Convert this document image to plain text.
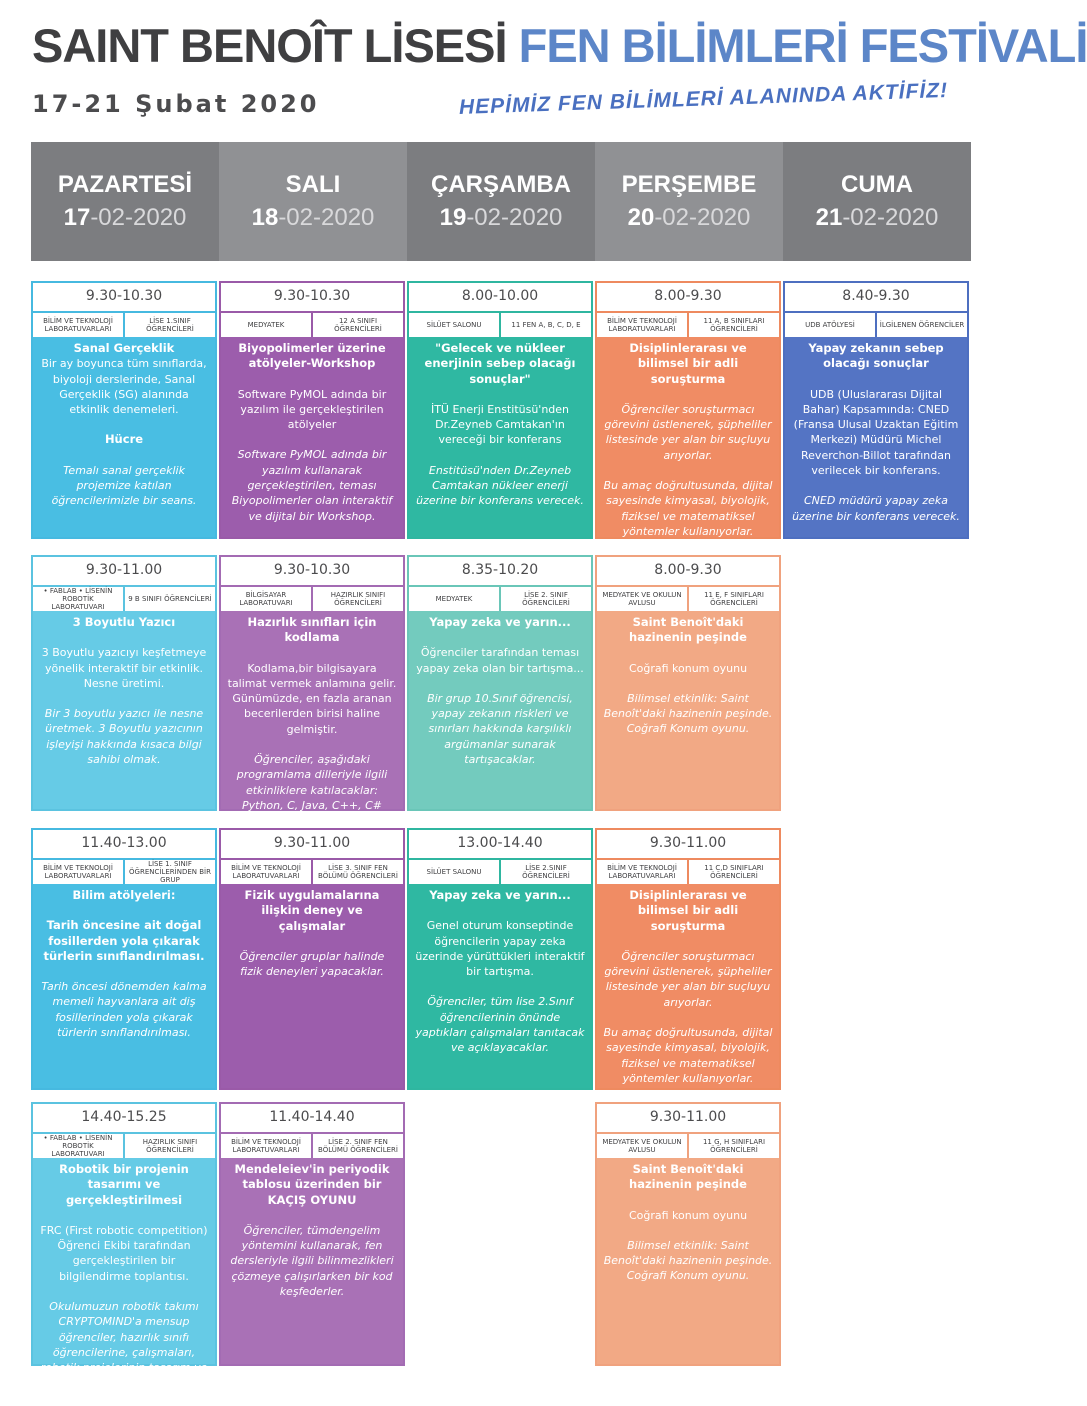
SAINT BENOÎT LİSESİ FEN BİLİMLERİ FESTİVALİ
17-21 Şubat 2020	HEPİMİZ FEN BİLİMLERİ ALANINDA AKTİFİZ!
PAZARTESİ
17-02-2020
SALI
18-02-2020
ÇARŞAMBA
19-02-2020
PERŞEMBE
20-02-2020
CUMA
21-02-2020
9.30-10.30
BİLİM VE TEKNOLOJİ LABORATUVARLARI
LİSE 1.SINIF ÖĞRENCİLERİ
Sanal Gerçeklik
Bir ay boyunca tüm sınıflarda, biyoloji derslerinde, Sanal Gerçeklik (SG) alanında etkinlik denemeleri.
Hücre
Temalı sanal gerçeklik projemize katılan öğrencilerimizle bir seans.
9.30-10.30
MEDYATEK	12 A SINIFI ÖĞRENCİLERİ
Biyopolimerler üzerine atölyeler-Workshop
Software PyMOL adında bir yazılım ile gerçekleştirilen atölyeler
Software PyMOL adında bir yazılım kullanarak gerçekleştirilen, teması Biyopolimerler olan interaktif ve dijital bir Workshop.
8.00-10.00
SİLÜET SALONU	11 FEN A, B, C, D, E
"Gelecek ve nükleer enerjinin sebep olacağı sonuçlar"
İTÜ Enerji Enstitüsü'nden Dr.Zeyneb Camtakan'ın vereceği bir konferans
Enstitüsü'nden Dr.Zeyneb Camtakan nükleer enerji üzerine bir konferans verecek.
8.00-9.30
BİLİM VE TEKNOLOJİ LABORATUVARLARI
11 A, B SINIFLARI ÖĞRENCİLERİ
Disiplinlerarası ve bilimsel bir adli soruşturma
Öğrenciler soruşturmacı görevini üstlenerek, şüpheliler listesinde yer alan bir suçluyu arıyorlar.
Bu amaç doğrultusunda, dijital sayesinde kimyasal, biyolojik, fiziksel ve matematiksel yöntemler kullanıyorlar.
8.40-9.30
UDB ATÖLYESİ	İLGİLENEN ÖĞRENCİLER
Yapay zekanın sebep olacağı sonuçlar
UDB (Uluslararası Dijital Bahar) Kapsamında: CNED (Fransa Ulusal Uzaktan Eğitim Merkezi) Müdürü Michel Reverchon-Billot tarafından verilecek bir konferans.
CNED müdürü yapay zeka üzerine bir konferans verecek.
9.30-11.00
• FABLAB • LİSENİN ROBOTİK LABORATUVARI
9 B SINIFI ÖĞRENCİLERİ
3 Boyutlu Yazıcı
3 Boyutlu yazıcıyı keşfetmeye yönelik interaktif bir etkinlik. Nesne üretimi.
Bir 3 boyutlu yazıcı ile nesne üretmek. 3 Boyutlu yazıcının işleyişi hakkında kısaca bilgi sahibi olmak.
9.30-10.30
BİLGİSAYAR LABORATUVARI
HAZIRLIK SINIFI ÖĞRENCİLERİ
Hazırlık sınıfları için kodlama
Kodlama,bir bilgisayara talimat vermek anlamına gelir. Günümüzde, en fazla aranan becerilerden birisi haline gelmiştir.
Öğrenciler, aşağıdaki programlama dilleriyle ilgili etkinliklere katılacaklar: Python, C, Java, C++, C#
8.35-10.20
MEDYATEK	LİSE 2. SINIF ÖĞRENCİLERİ
Yapay zeka ve yarın...
Öğrenciler tarafından teması yapay zeka olan bir tartışma...
Bir grup 10.Sınıf öğrencisi, yapay zekanın riskleri ve sınırları hakkında karşılıklı argümanlar sunarak tartışacaklar.
8.00-9.30
MEDYATEK VE OKULUN AVLUSU
11 E, F SINIFLARI ÖĞRENCİLERİ
Saint Benoît'daki hazinenin peşinde
Coğrafi konum oyunu
Bilimsel etkinlik: Saint Benoît'daki hazinenin peşinde. Coğrafi Konum oyunu.
11.40-13.00
BİLİM VE TEKNOLOJİ LABORATUVARLARI
LİSE 1. SINIF ÖĞRENCİLERİNDEN BİR GRUP
Bilim atölyeleri:
Tarih öncesine ait doğal fosillerden yola çıkarak türlerin sınıflandırılması.
Tarih öncesi dönemden kalma memeli hayvanlara ait diş fosillerinden yola çıkarak türlerin sınıflandırılması.
9.30-11.00
BİLİM VE TEKNOLOJİ LABORATUVARLARI
LİSE 3. SINIF FEN BÖLÜMÜ ÖĞRENCİLERİ
Fizik uygulamalarına ilişkin deney ve çalışmalar
Öğrenciler gruplar halinde fizik deneyleri yapacaklar.
13.00-14.40
SİLÜET SALONU	LİSE 2.SINIF ÖĞRENCİLERİ
Yapay zeka ve yarın...
Genel oturum konseptinde öğrencilerin yapay zeka üzerinde yürüttükleri interaktif bir tartışma.
Öğrenciler, tüm lise 2.Sınıf öğrencilerinin önünde yaptıkları çalışmaları tanıtacak ve açıklayacaklar.
9.30-11.00
BİLİM VE TEKNOLOJİ LABORATUVARLARI
11 C,D SINIFLARI ÖĞRENCİLERİ
Disiplinlerarası ve bilimsel bir adli soruşturma
Öğrenciler soruşturmacı görevini üstlenerek, şüpheliler listesinde yer alan bir suçluyu arıyorlar.
Bu amaç doğrultusunda, dijital sayesinde kimyasal, biyolojik, fiziksel ve matematiksel yöntemler kullanıyorlar.
14.40-15.25
• FABLAB • LİSENİN ROBOTİK LABORATUVARI
HAZIRLIK SINIFI ÖĞRENCİLERİ
Robotik bir projenin tasarımı ve gerçekleştirilmesi
FRC (First robotic competition) Öğrenci Ekibi tarafından gerçekleştirilen bir bilgilendirme toplantısı.
Okulumuzun robotik takımı CRYPTOMIND'a mensup öğrenciler, hazırlık sınıfı öğrencilerine, çalışmaları, robotik projelerinin tasarım ve gerçekleşmeleri hakkında bilgi verecekler.
11.40-14.40
BİLİM VE TEKNOLOJİ LABORATUVARLARI
LİSE 2. SINIF FEN BÖLÜMÜ ÖĞRENCİLERİ
Mendeleiev'in periyodik tablosu üzerinden bir KAÇIŞ OYUNU
Öğrenciler, tümdengelim yöntemini kullanarak, fen dersleriyle ilgili bilinmezlikleri çözmeye çalışırlarken bir kod keşfederler.
9.30-11.00
MEDYATEK VE OKULUN AVLUSU
11 G, H SINIFLARI ÖĞRENCİLERİ
Saint Benoît'daki hazinenin peşinde
Coğrafi konum oyunu
Bilimsel etkinlik: Saint Benoît'daki hazinenin peşinde. Coğrafi Konum oyunu.
